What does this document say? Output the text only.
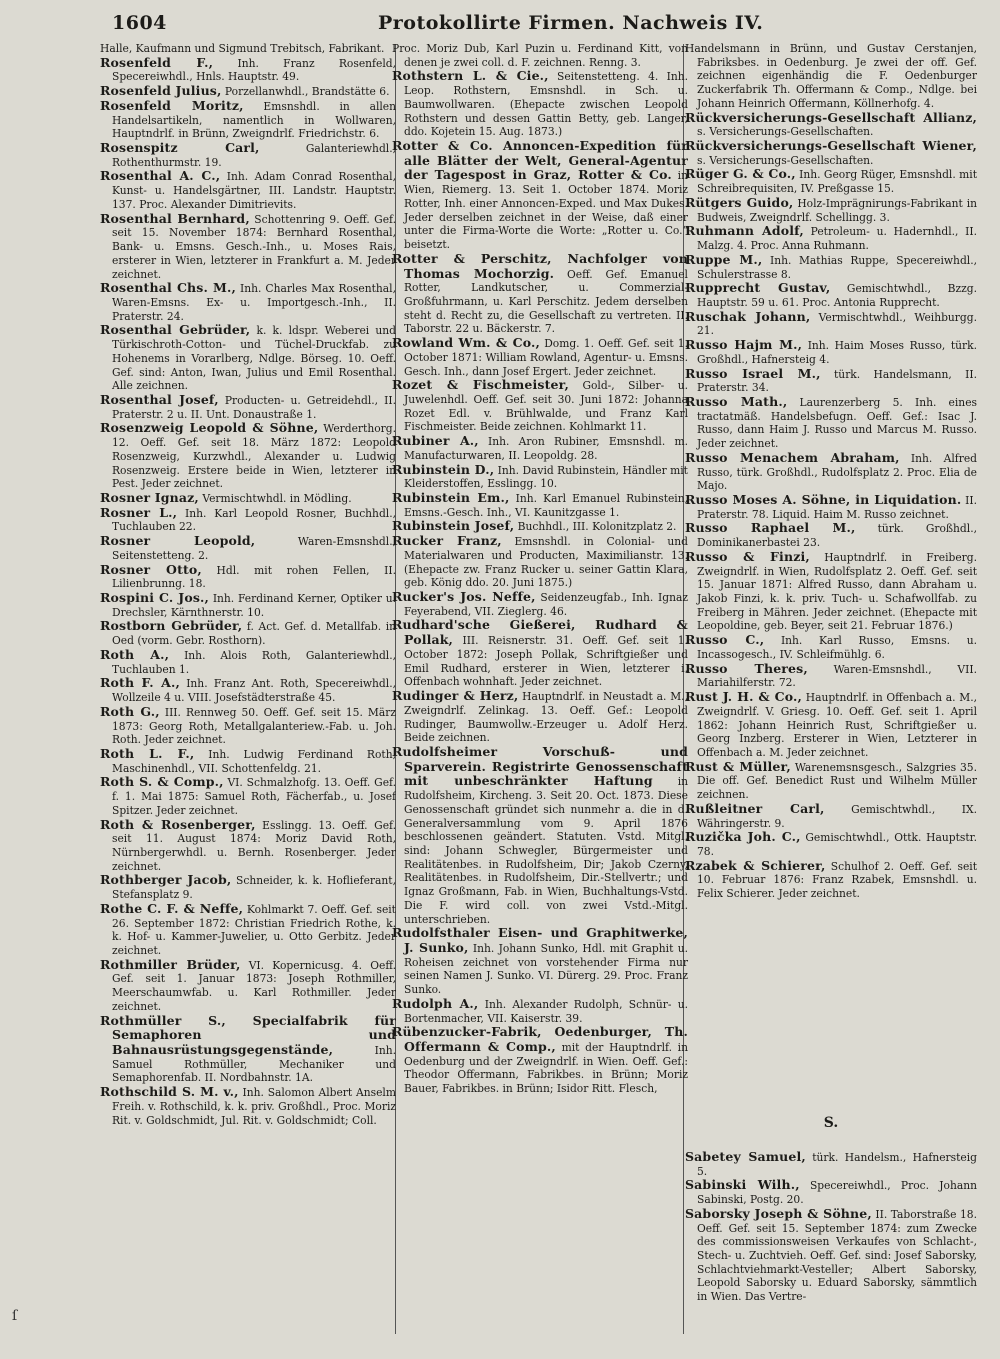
1604	Protokollirte Firmen. Nachweis IV.

Halle, Kaufmann und Sigmund Trebitsch, Fabrikant.

Rosenfeld F., Inh. Franz Rosenfeld, Specereiwhdl., Hnls. Hauptstr. 49.

Rosenfeld Julius, Porzellanwhdl., Brandstätte 6.

Rosenfeld Moritz, Emsnshdl. in allen Handelsartikeln, namentlich in Wollwaren, Hauptndrlf. in Brünn, Zweigndrlf. Friedrichstr. 6.

Rosenspitz Carl,	Galanteriewhdl., Rothenthurmstr. 19.

Rosenthal A. C., Inh. Adam Conrad Rosenthal, Kunst- u. Handelsgärtner, III. Landstr. Hauptstr. 137. Proc. Alexander Dimitrievits.

Rosenthal Bernhard, Schottenring 9. Oeff. Gef. seit 15. November 1874: Bernhard Rosenthal, Bank- u. Emsns. Gesch.-Inh., u. Moses Rais, ersterer in Wien, letzterer in Frankfurt a. M. Jeder zeichnet.

Rosenthal Chs. M., Inh. Charles Max Rosenthal, Waren-Emsns. Ex- u. Importgesch.-Inh., II. Praterstr. 24.

Rosenthal Gebrüder, k. k. ldspr. Weberei und Türkischroth-Cotton- und Tüchel-Druckfab. zu Hohenems in Vorarlberg, Ndlge. Börseg. 10. Oeff. Gef. sind: Anton, Iwan, Julius und Emil Rosenthal. Alle zeichnen.

Rosenthal Josef, Producten- u. Getreidehdl., II. Praterstr. 2 u. II. Unt. Donaustraße 1.

Rosenzweig Leopold & Söhne, Werderthorg. 12. Oeff. Gef. seit 18. März 1872: Leopold Rosenzweig, Kurzwhdl., Alexander u. Ludwig Rosenzweig. Erstere beide in Wien, letzterer in Pest. Jeder zeichnet.

Rosner Ignaz, Vermischtwhdl. in Mödling.

Rosner L., Inh. Karl Leopold Rosner, Buchhdl., Tuchlauben 22.

Rosner Leopold,	Waren-Emsnshdl., Seitenstetteng. 2.

Rosner Otto, Hdl. mit rohen Fellen, II. Lilienbrunng. 18.

Rospini C. Jos., Inh. Ferdinand Kerner, Optiker u. Drechsler, Kärnthnerstr. 10.

Rostborn Gebrüder, f. Act. Gef. d. Metallfab. in Oed (vorm. Gebr. Rosthorn).

Roth A., Inh. Alois Roth, Galanteriewhdl., Tuchlauben 1.

Roth F. A., Inh. Franz Ant. Roth, Specereiwhdl., Wollzeile 4 u. VIII. Josefstädterstraße 45.

Roth G., III. Rennweg 50. Oeff. Gef. seit 15. März 1873: Georg Roth, Metallgalanteriew.-Fab. u. Joh. Roth. Jeder zeichnet.

Roth L. F., Inh. Ludwig Ferdinand Roth, Maschinenhdl., VII. Schottenfeldg. 21.

Roth S. & Comp., VI. Schmalzhofg. 13. Oeff. Gef. f. 1. Mai 1875: Samuel Roth, Fächerfab., u. Josef Spitzer. Jeder zeichnet.

Roth & Rosenberger, Esslingg. 13. Oeff. Gef. seit 11. August 1874: Moriz David Roth, Nürnbergerwhdl. u. Bernh. Rosenberger. Jeder zeichnet.

Rothberger Jacob, Schneider, k. k. Hoflieferant, Stefansplatz 9.

Rothe C. F. & Neffe, Kohlmarkt 7. Oeff. Gef. seit 26. September 1872: Christian Friedrich Rothe, k. k. Hof- u. Kammer-Juwelier, u. Otto Gerbitz. Jeder zeichnet.

Rothmiller Brüder, VI. Kopernicusg. 4. Oeff. Gef. seit 1. Januar 1873: Joseph Rothmiller, Meerschaumwfab. u. Karl Rothmiller. Jeder zeichnet.

Rothmüller S., Specialfabrik für Semaphoren und Bahnausrüstungsgegenstände,	Inh. Samuel Rothmüller, Mechaniker und Semaphorenfab. II. Nordbahnstr. 1A.

Rothschild S. M. v., Inh. Salomon Albert Anselm Freih. v. Rothschild, k. k. priv. Großhdl., Proc. Moriz Rit. v. Goldschmidt, Jul. Rit. v. Goldschmidt; Coll.

Proc. Moriz Dub, Karl Puzin u. Ferdinand Kitt, von denen je zwei coll. d. F. zeichnen. Renng. 3.

Rothstern L. & Cie., Seitenstetteng. 4. Inh. Leop. Rothstern, Emsnshdl. in Sch. u. Baumwollwaren. (Ehepacte zwischen Leopold Rothstern und dessen Gattin Betty, geb. Langer, ddo. Kojetein 15. Aug. 1873.)

Rotter & Co. Annoncen-Expedition für alle Blätter der Welt, General-Agentur der Tagespost in Graz, Rotter & Co. in Wien, Riemerg. 13. Seit 1. October 1874. Moriz Rotter, Inh. einer Annoncen-Exped. und Max Dukes. Jeder derselben zeichnet in der Weise, daß einer unter die Firma-Worte die Worte: „Rotter u. Co.“ beisetzt.

Rotter & Perschitz, Nachfolger von Thomas Mochorzig. Oeff. Gef. Emanuel Rotter, Landkutscher, u. Commerzial-Großfuhrmann, u. Karl Perschitz. Jedem derselben steht d. Recht zu, die Gesellschaft zu vertreten. II. Taborstr. 22 u. Bäckerstr. 7.

Rowland Wm. & Co., Domg. 1. Oeff. Gef. seit 1. October 1871: William Rowland, Agentur- u. Emsns. Gesch. Inh., dann Josef Ergert. Jeder zeichnet.

Rozet & Fischmeister, Gold-, Silber- u. Juwelenhdl. Oeff. Gef. seit 30. Juni 1872: Johanna Rozet Edl. v. Brühlwalde, und Franz Karl Fischmeister. Beide zeichnen. Kohlmarkt 11.

Rubiner A., Inh. Aron Rubiner, Emsnshdl. m. Manufacturwaren, II. Leopoldg. 28.

Rubinstein D., Inh. David Rubinstein, Händler mit Kleiderstoffen, Esslingg. 10.

Rubinstein Em., Inh. Karl Emanuel Rubinstein, Emsns.-Gesch. Inh., VI. Kaunitzgasse 1.

Rubinstein Josef, Buchhdl., III. Kolonitzplatz 2.

Rucker Franz, Emsnshdl. in Colonial- und Materialwaren und Producten, Maximilianstr. 13. (Ehepacte zw. Franz Rucker u. seiner Gattin Klara, geb. König ddo. 20. Juni 1875.)

Rucker's Jos. Neffe, Seidenzeugfab., Inh. Ignaz Feyerabend, VII. Zieglerg. 46.

Rudhard'sche Gießerei, Rudhard & Pollak, III. Reisnerstr. 31. Oeff. Gef. seit 1. October 1872: Joseph Pollak, Schriftgießer und Emil Rudhard, ersterer in Wien, letzterer i. Offenbach wohnhaft. Jeder zeichnet.

Rudinger & Herz, Hauptndrlf. in Neustadt a. M., Zweigndrlf. Zelinkag. 13. Oeff. Gef.: Leopold Rudinger, Baumwollw.-Erzeuger u. Adolf Herz. Beide zeichnen.

Rudolfsheimer Vorschuß- und Sparverein. Registrirte Genossenschaft mit unbeschränkter Haftung in Rudolfsheim, Kircheng. 3. Seit 20. Oct. 1873. Diese Genossenschaft gründet sich nunmehr a. die in d. Generalversammlung vom 9. April 1876 beschlossenen geändert. Statuten. Vstd. Mitgl. sind: Johann Schwegler, Bürgermeister und Realitätenbes. in Rudolfsheim, Dir; Jakob Czerny, Realitätenbes. in Rudolfsheim, Dir.-Stellvertr.; und Ignaz Großmann, Fab. in Wien, Buchhaltungs-Vstd. Die F. wird coll. von zwei Vstd.-Mitgl. unterschrieben.

Rudolfsthaler Eisen- und Graphitwerke, J. Sunko, Inh. Johann Sunko, Hdl. mit Graphit u. Roheisen zeichnet von vorstehender Firma nur seinen Namen J. Sunko. VI. Dürerg. 29. Proc. Franz Sunko.

Rudolph A., Inh. Alexander Rudolph, Schnür- u. Bortenmacher, VII. Kaiserstr. 39.

Rübenzucker-Fabrik, Oedenburger, Th. Offermann & Comp., mit der Hauptndrlf. in Oedenburg und der Zweigndrlf. in Wien. Oeff. Gef.: Theodor Offermann, Fabrikbes. in Brünn; Moriz Bauer, Fabrikbes. in Brünn; Isidor Ritt. Flesch,

Handelsmann in Brünn, und Gustav Cerstanjen, Fabriksbes. in Oedenburg. Je zwei der off. Gef. zeichnen eigenhändig die F. Oedenburger Zuckerfabrik Th. Offermann & Comp., Ndlge. bei Johann Heinrich Offermann, Köllnerhofg. 4.

Rückversicherungs-Gesellschaft Allianz, s. Versicherungs-Gesellschaften.

Rückversicherungs-Gesellschaft Wiener, s. Versicherungs-Gesellschaften.

Rüger G. & Co., Inh. Georg Rüger, Emsnshdl. mit Schreibrequisiten, IV. Preßgasse 15.

Rütgers Guido, Holz-Imprägnirungs-Fabrikant in Budweis, Zweigndrlf. Schellingg. 3.

Ruhmann Adolf, Petroleum- u. Hadernhdl., II. Malzg. 4. Proc. Anna Ruhmann.

Ruppe M., Inh. Mathias Ruppe, Specereiwhdl., Schulerstrasse 8.

Rupprecht Gustav, Gemischtwhdl., Bzzg. Hauptstr. 59 u. 61. Proc. Antonia Rupprecht.

Ruschak Johann, Vermischtwhdl., Weihburgg. 21.

Russo Hajm M., Inh. Haim Moses Russo, türk. Großhdl., Hafnersteig 4.

Russo Israel M., türk. Handelsmann, II. Praterstr. 34.

Russo Math., Laurenzerberg 5. Inh. eines tractatmäß. Handelsbefugn. Oeff. Gef.: Isac J. Russo, dann Haim J. Russo und Marcus M. Russo. Jeder zeichnet.

Russo Menachem Abraham, Inh. Alfred Russo, türk. Großhdl., Rudolfsplatz 2. Proc. Elia de Majo.

Russo Moses A. Söhne, in Liquidation. II. Praterstr. 78. Liquid. Haim M. Russo zeichnet.

Russo Raphael M., türk. Großhdl., Dominikanerbastei 23.

Russo & Finzi, Hauptndrlf. in Freiberg. Zweigndrlf. in Wien, Rudolfsplatz 2. Oeff. Gef. seit 15. Januar 1871: Alfred Russo, dann Abraham u. Jakob Finzi, k. k. priv. Tuch- u. Schafwollfab. zu Freiberg in Mähren. Jeder zeichnet. (Ehepacte mit Leopoldine, geb. Beyer, seit 21. Februar 1876.)

Russo C., Inh. Karl Russo, Emsns. u. Incassogesch., IV. Schleifmühlg. 6.

Russo Theres, Waren-Emsnshdl., VII. Mariahilferstr. 72.

Rust J. H. & Co., Hauptndrlf. in Offenbach a. M., Zweigndrlf. V. Griesg. 10. Oeff. Gef. seit 1. April 1862: Johann Heinrich Rust, Schriftgießer u. Georg Inzberg. Ersterer in Wien, Letzterer in Offenbach a. M. Jeder zeichnet.

Rust & Müller, Warenemsnsgesch., Salzgries 35. Die off. Gef. Benedict Rust und Wilhelm Müller zeichnen.

Rußleitner Carl, Gemischtwhdl., IX. Währingerstr. 9.

Ruzička Joh. C., Gemischtwhdl., Ottk. Hauptstr. 78.

Rzabek & Schierer, Schulhof 2. Oeff. Gef. seit 10. Februar 1876: Franz Rzabek, Emsnshdl. u. Felix Schierer. Jeder zeichnet.

S.

Sabetey Samuel, türk. Handelsm., Hafnersteig 5.

Sabinski Wilh., Specereiwhdl., Proc. Johann Sabinski, Postg. 20.

Saborsky Joseph & Söhne, II. Taborstraße 18. Oeff. Gef. seit 15. September 1874: zum Zwecke des commissionsweisen Verkaufes von Schlacht-, Stech- u. Zuchtvieh. Oeff. Gef. sind: Josef Saborsky, Schlachtviehmarkt-Vesteller; Albert Saborsky, Leopold Saborsky u. Eduard Saborsky, sämmtlich in Wien. Das Vertre-

ſ
